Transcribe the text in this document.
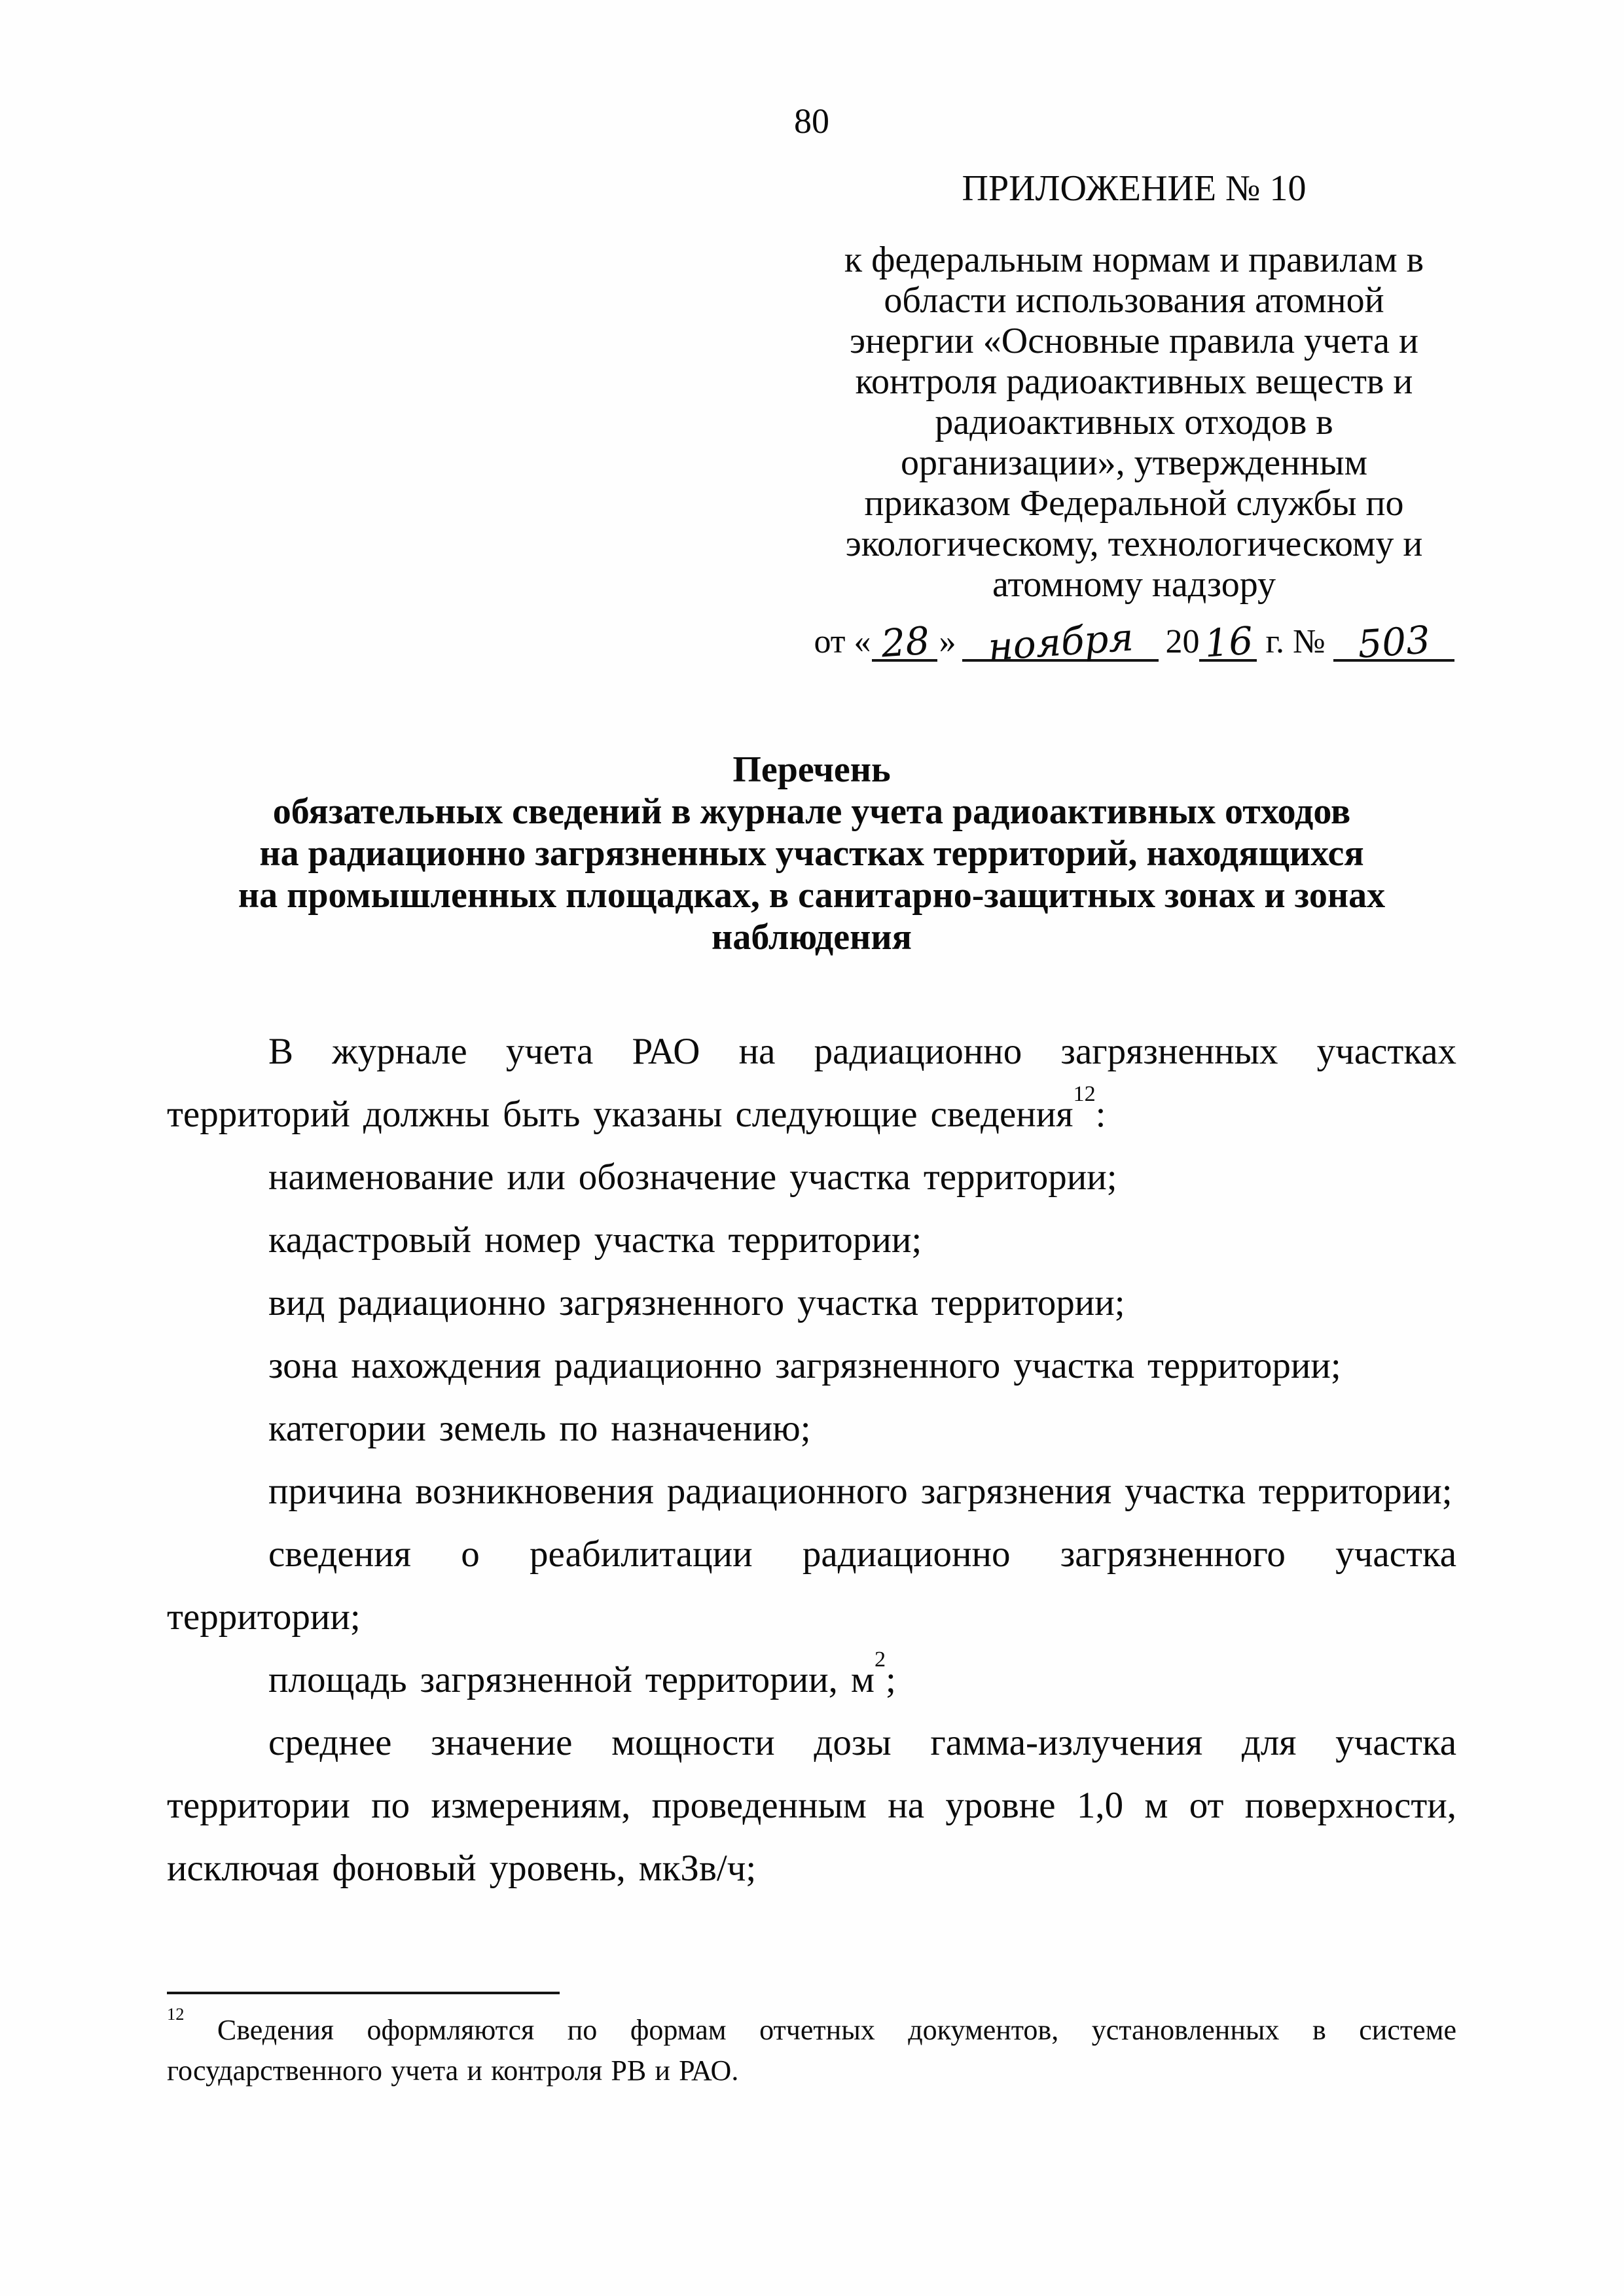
80
ПРИЛОЖЕНИЕ № 10
к федеральным нормам и правилам в
области использования атомной
энергии «Основные правила учета и
контроля радиоактивных веществ и
радиоактивных отходов в
организации», утвержденным
приказом Федеральной службы по
экологическому, технологическому и
атомному надзору
от « 28 » ноября 2016 г. № 503
Перечень
обязательных сведений в журнале учета радиоактивных отходов
на радиационно загрязненных участках территорий, находящихся
на промышленных площадках, в санитарно-защитных зонах и зонах
наблюдения

В журнале учета РАО на радиационно загрязненных участках территорий должны быть указаны следующие сведения$^{12}$:

наименование или обозначение участка территории;

кадастровый номер участка территории;

вид радиационно загрязненного участка территории;

зона нахождения радиационно загрязненного участка территории;

категории земель по назначению;

причина возникновения радиационного загрязнения участка территории;

сведения о реабилитации радиационно загрязненного участка территории;

площадь загрязненной территории, м$^2$;

среднее значение мощности дозы гамма-излучения для участка территории по измерениям, проведенным на уровне 1,0 м от поверхности, исключая фоновый уровень, мкЗв/ч;

$^{12}$ Сведения оформляются по формам отчетных документов, установленных в системе государственного учета и контроля РВ и РАО.
